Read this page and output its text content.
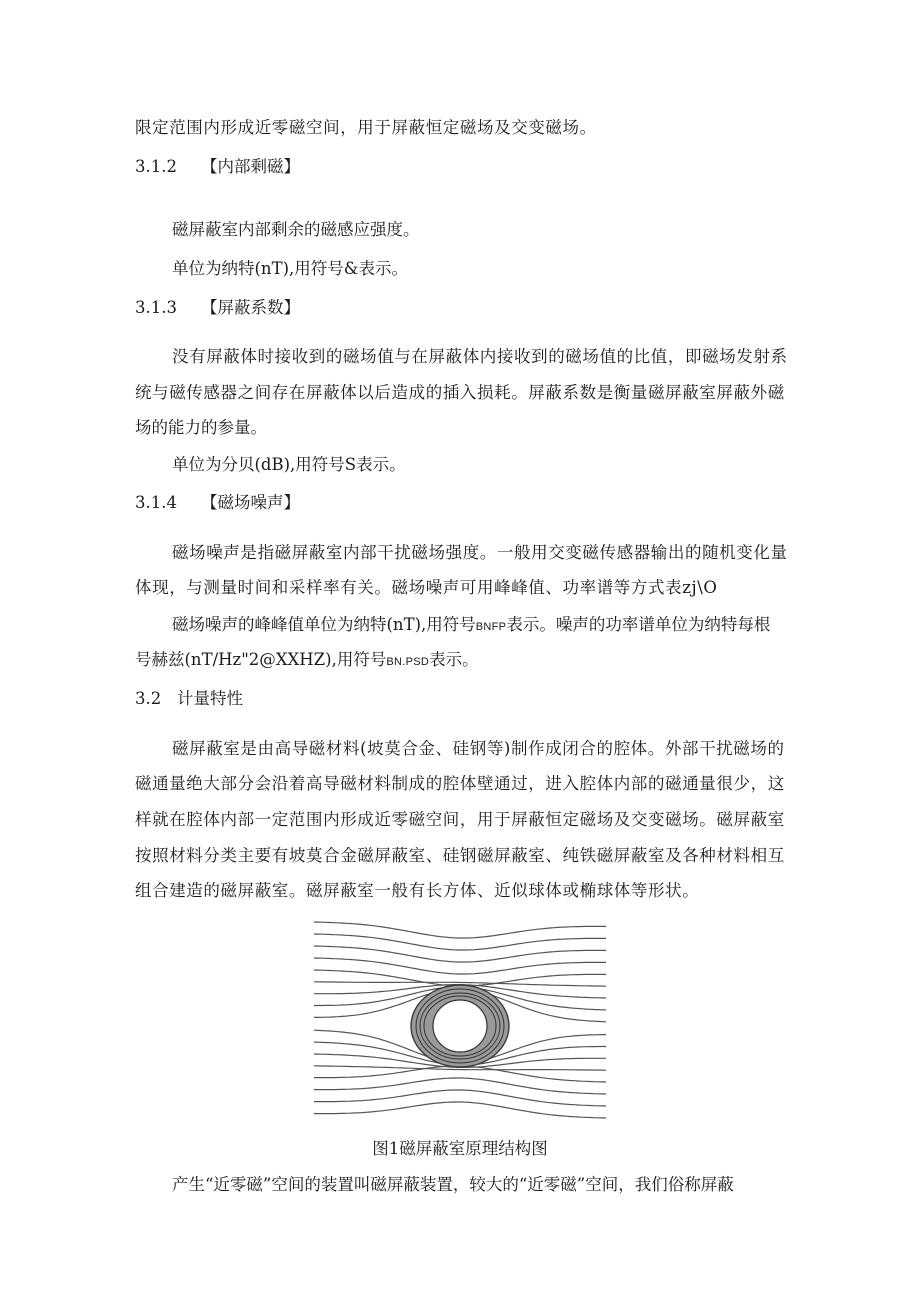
限定范围内形成近零磁空间，用于屏蔽恒定磁场及交变磁场。
3.1.2 【内部剩磁】
磁屏蔽室内部剩余的磁感应强度。
单位为纳特(nT),用符号&表示。
3.1.3 【屏蔽系数】
没有屏蔽体时接收到的磁场值与在屏蔽体内接收到的磁场值的比值，即磁场发射系
统与磁传感器之间存在屏蔽体以后造成的插入损耗。屏蔽系数是衡量磁屏蔽室屏蔽外磁
场的能力的参量。
单位为分贝(dB),用符号S表示。
3.1.4 【磁场噪声】
磁场噪声是指磁屏蔽室内部干扰磁场强度。一般用交变磁传感器输出的随机变化量
体现，与测量时间和采样率有关。磁场噪声可用峰峰值、功率谱等方式表zj\O
磁场噪声的峰峰值单位为纳特(nT),用符号BNFP表示。噪声的功率谱单位为纳特每根
号赫兹(nT/Hz"2@XXHZ),用符号BN.PSD表示。
3.2 计量特性
磁屏蔽室是由高导磁材料(坡莫合金、硅钢等)制作成闭合的腔体。外部干扰磁场的
磁通量绝大部分会沿着高导磁材料制成的腔体壁通过，进入腔体内部的磁通量很少，这
样就在腔体内部一定范围内形成近零磁空间，用于屏蔽恒定磁场及交变磁场。磁屏蔽室
按照材料分类主要有坡莫合金磁屏蔽室、硅钢磁屏蔽室、纯铁磁屏蔽室及各种材料相互
组合建造的磁屏蔽室。磁屏蔽室一般有长方体、近似球体或椭球体等形状。
图1磁屏蔽室原理结构图
产生“近零磁”空间的装置叫磁屏蔽装置，较大的“近零磁”空间，我们俗称屏蔽
